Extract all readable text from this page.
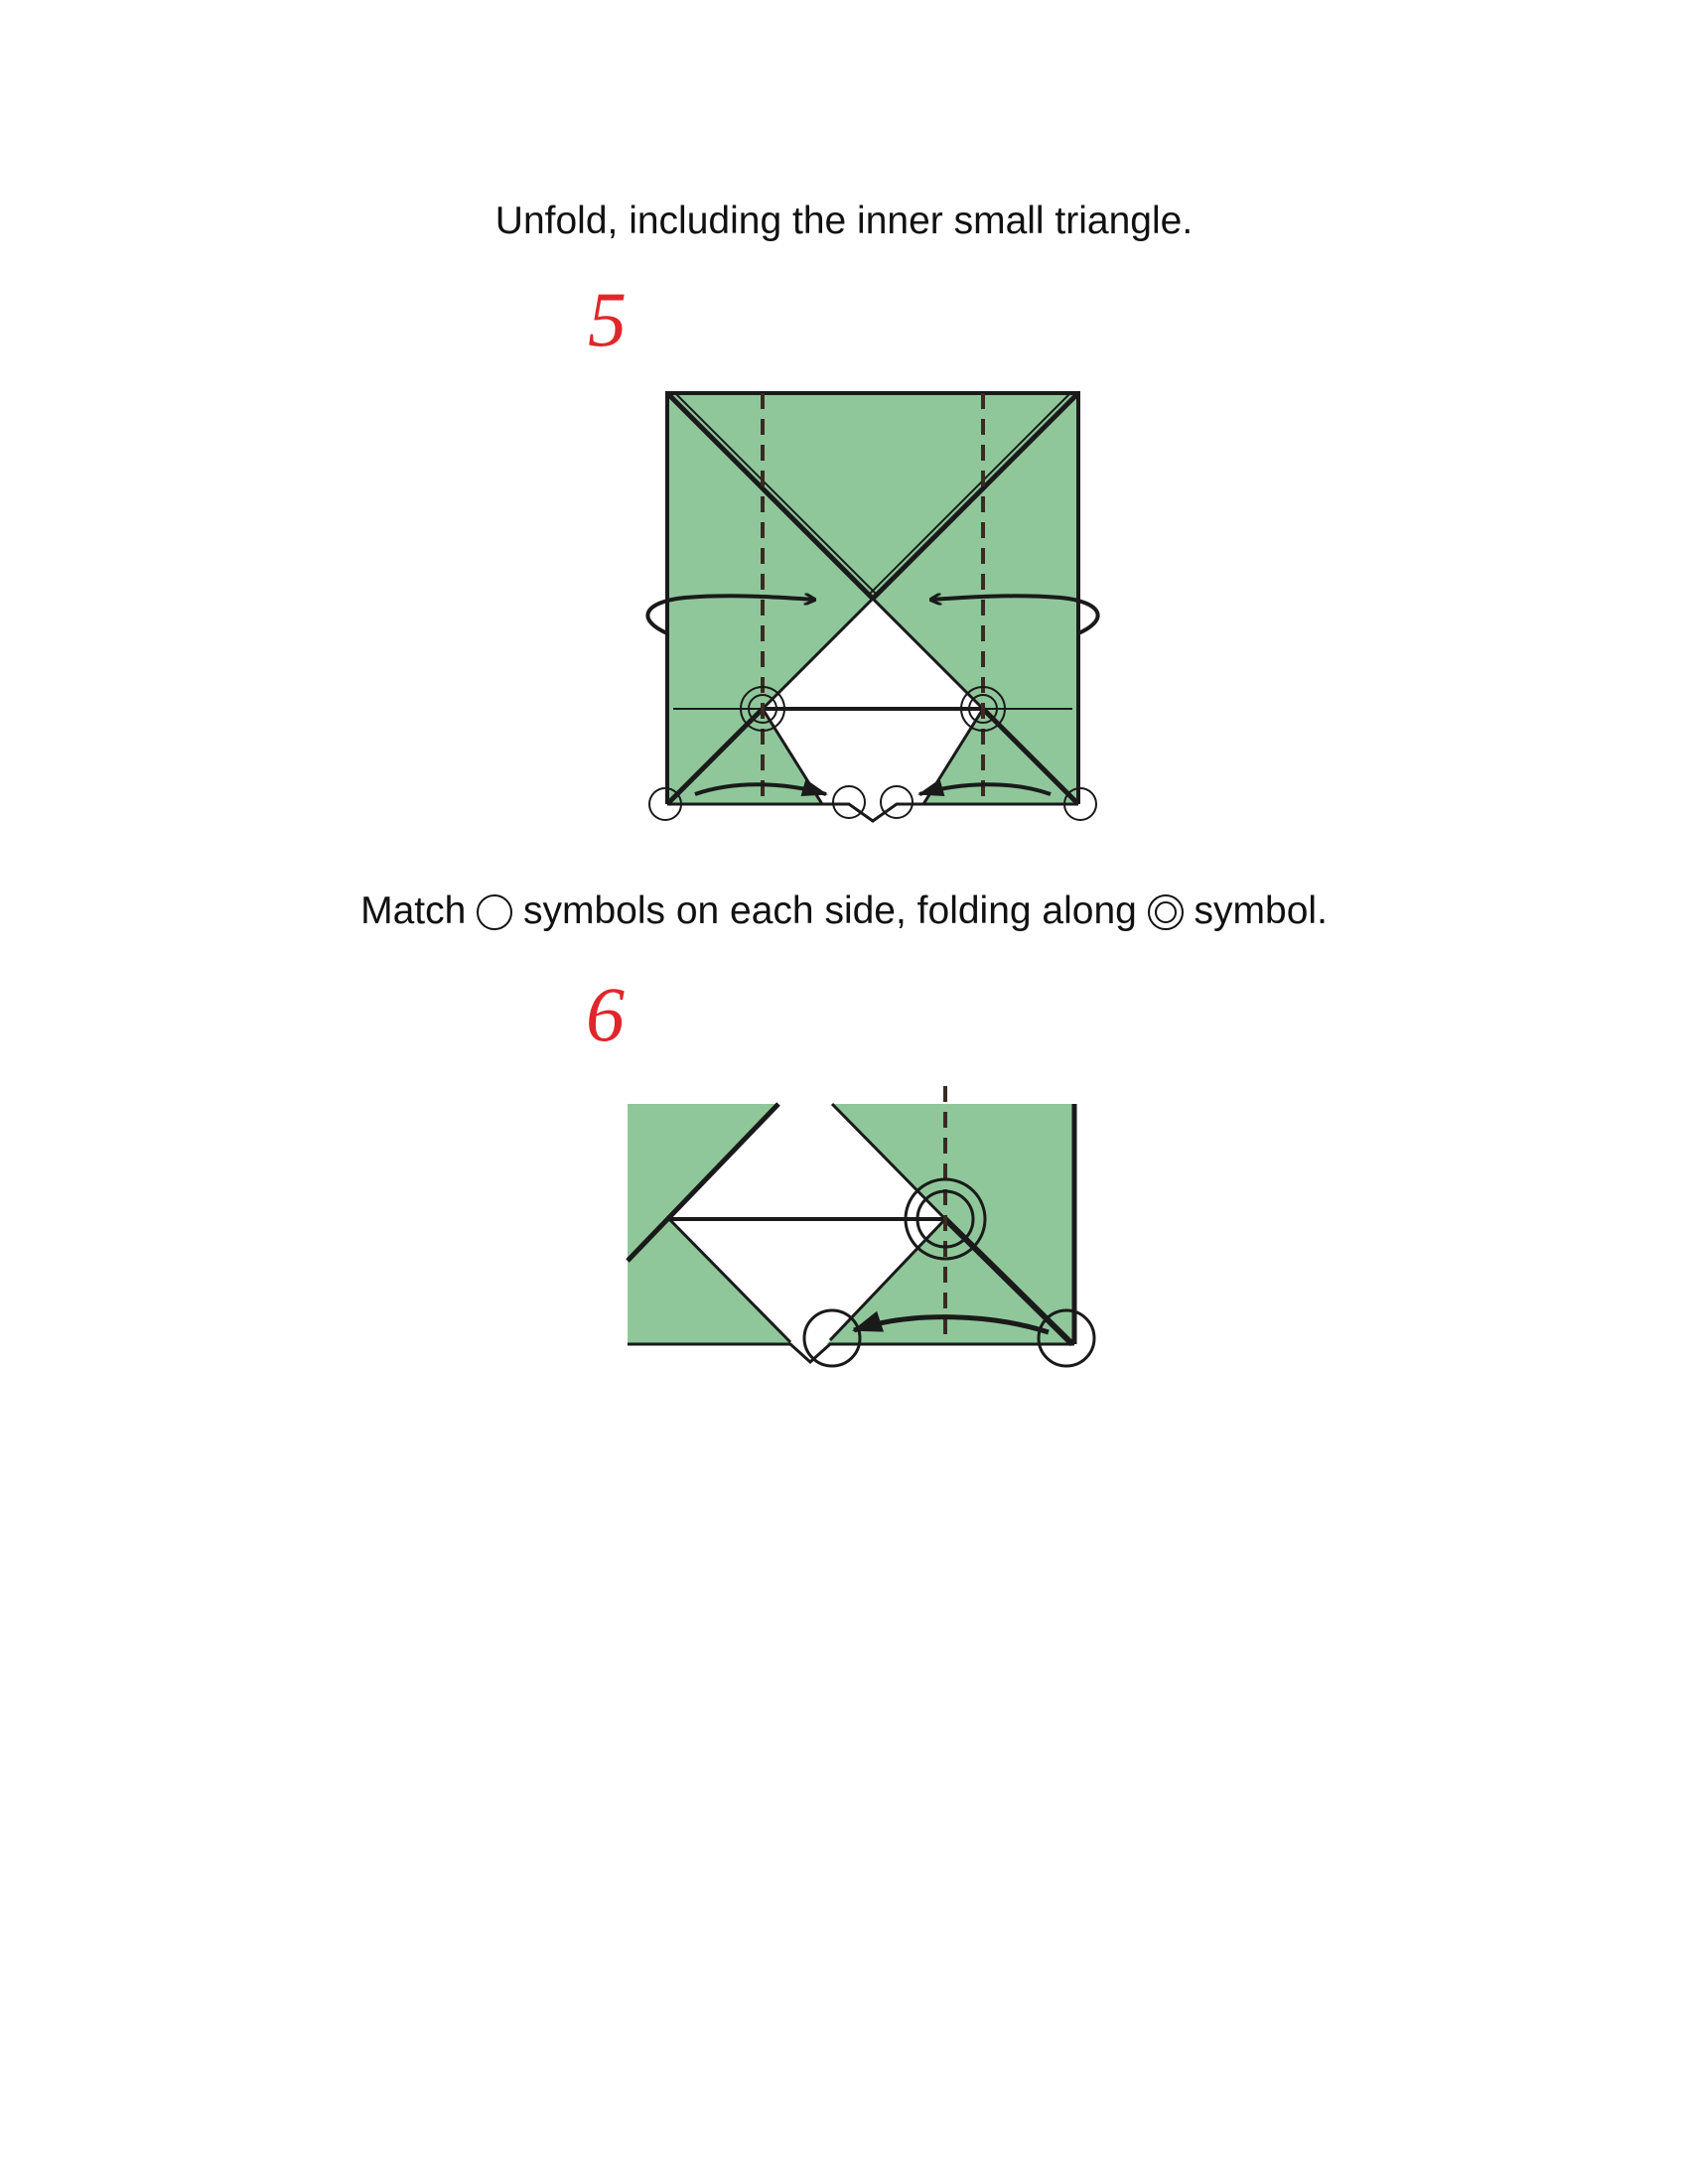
Unfold, including the inner small triangle.
5
Match symbols on each side, folding along symbol.
6
